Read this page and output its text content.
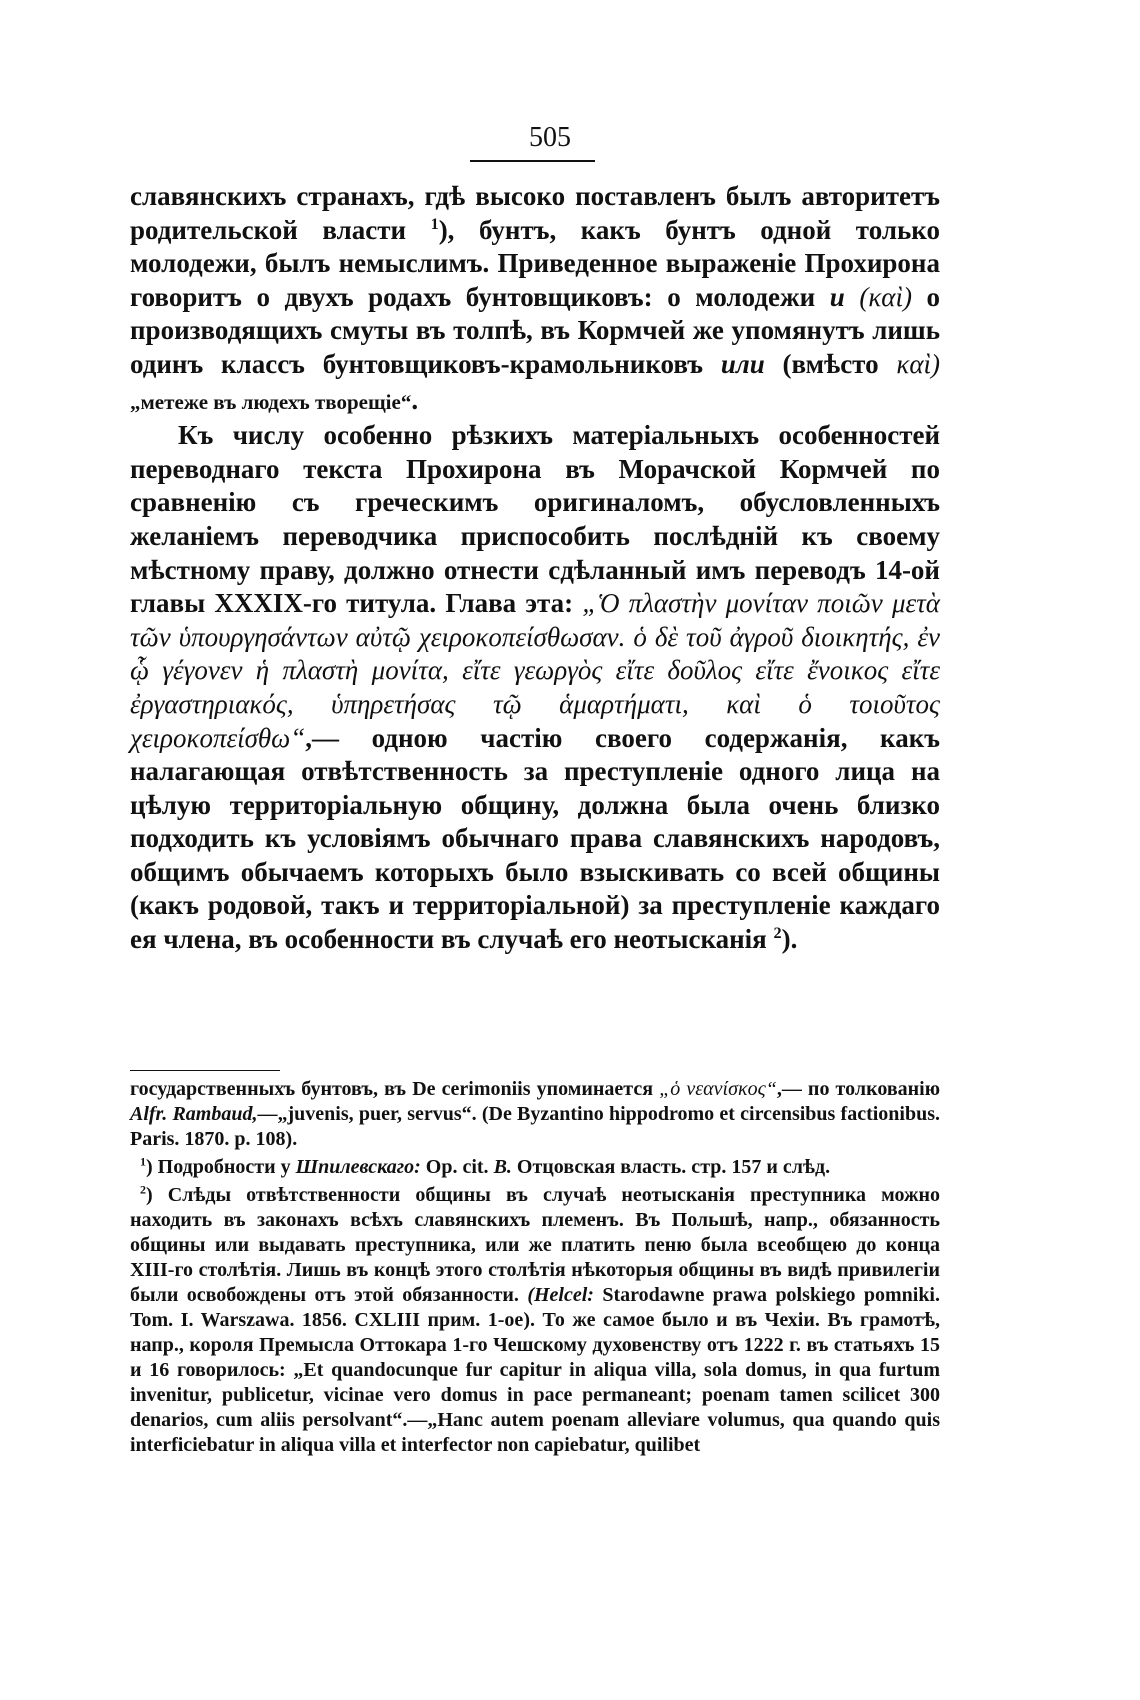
505

славянскихъ странахъ, гдѣ высоко поставленъ былъ авторитетъ родительской власти $^1$), бунтъ, какъ бунтъ одной только молодежи, былъ немыслимъ. Приведенное выраженіе Прохирона говоритъ о двухъ родахъ бунтовщиковъ: о молодежи и (καὶ) о производящихъ смуты въ толпѣ, въ Кормчей же упомянутъ лишь одинъ классъ бунтовщиковъ-крамольниковъ или (вмѣсто καὶ) „метеже въ людехъ творещіе“.

Къ числу особенно рѣзкихъ матеріальныхъ особенностей переводнаго текста Прохирона въ Морачской Кормчей по сравненію съ греческимъ оригиналомъ, обусловленныхъ желаніемъ переводчика приспособить послѣдній къ своему мѣстному праву, должно отнести сдѣланный имъ переводъ 14-ой главы XXXIX-го титула. Глава эта: „Ὁ πλαστὴν μονίταν ποιῶν μετὰ τῶν ὑπουργησάντων αὐτῷ χειροκοπείσθωσαν. ὁ δὲ τοῦ ἀγροῦ διοικητής, ἐν ᾧ γέγονεν ἡ πλαστὴ μονίτα, εἴτε γεωργὸς εἴτε δοῦλος εἴτε ἔνοικος εἴτε ἐργαστηριακός, ὑπηρετήσας τῷ ἁμαρτήματι, καὶ ὁ τοιοῦτος χειροκοπείσθω“,— одною частію своего содержанія, какъ налагающая отвѣтственность за преступленіе одного лица на цѣлую территоріальную общину, должна была очень близко подходить къ условіямъ обычнаго права славянскихъ народовъ, общимъ обычаемъ которыхъ было взыскивать со всей общины (какъ родовой, такъ и территоріальной) за преступленіе каждаго ея члена, въ особенности въ случаѣ его неотысканія $^2$).

государственныхъ бунтовъ, въ De cerimoniis упоминается „ὁ νεανίσκος“,— по толкованію Alfr. Rambaud,—„juvenis, puer, servus“. (De Byzantino hippodromo et circensibus factionibus. Paris. 1870. p. 108).

$^1$) Подробности у Шпилевскаго: Op. cit. В. Отцовская власть. стр. 157 и слѣд.

$^2$) Слѣды отвѣтственности общины въ случаѣ неотысканія преступника можно находить въ законахъ всѣхъ славянскихъ племенъ. Въ Польшѣ, напр., обязанность общины или выдавать преступника, или же платить пеню была всеобщею до конца XIII-го столѣтія. Лишь въ концѣ этого столѣтія нѣкоторыя общины въ видѣ привилегіи были освобождены отъ этой обязанности. (Helcel: Starodawne prawa polskiego pomniki. Tom. I. Warszawa. 1856. CXLIII прим. 1-ое). То же самое было и въ Чехіи. Въ грамотѣ, напр., короля Премысла Оттокара 1-го Чешскому духовенству отъ 1222 г. въ статьяхъ 15 и 16 говорилось: „Et quandocunque fur capitur in aliqua villa, sola domus, in qua furtum invenitur, publicetur, vicinae vero domus in pace permaneant; poenam tamen scilicet 300 denarios, cum aliis persolvant“.—„Hanc autem poenam alleviare volumus, qua quando quis interficiebatur in aliqua villa et interfector non capiebatur, quilibet
